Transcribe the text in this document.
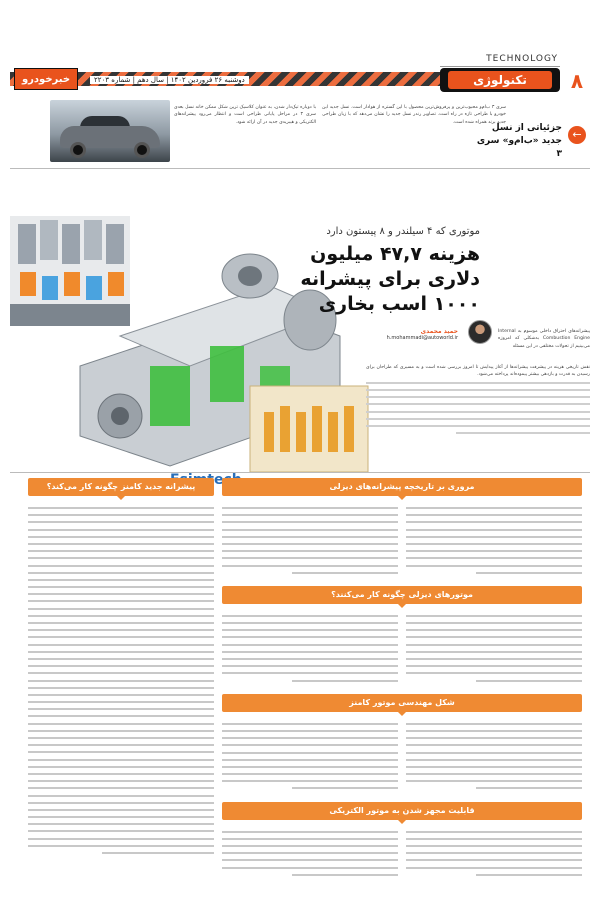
TECHNOLOGY
خبرخودرو	دوشنبه ۲۶ فروردین ۱۴۰۲ | سال دهم | شماره ۲۲۰۳	تکنولوژی	۸
با دوباره تیک‌دار شدن، به عنوان کلاسیک ترین شکل ممکن خانه نسل بعدی سری ۳ در مراحل پایانی طراحی است و انتظار می‌رود پیشرانه‌های الکتریکی و هیبریدی جدید در آن ارائه شود.
سری ۳ ب‌ام‌و محبوب‌ترین و پرفروش‌ترین محصول با این گستره از هوادار است. نسل جدید این خودرو با طراحی تازه در راه است. تصاویر رندر نسل جدید را نشان می‌دهد که با زبان طراحی جدید برند همراه شده است.
جزئیاتی از نسل جدید «ب‌ام‌و» سری ۳
←
موتوری که ۴ سیلندر و ۸ پیستون دارد
هزینه ۴۷,۷ میلیون دلاری برای پیشرانه ۱۰۰۰ اسب بخاری
حمید محمدی
h.mohammadi@autoworld.ir
پیشرانه‌های احتراق داخلی موسوم به Internal Combustion Engine به‌شکلی که امروزه می‌بینیم از تحولات مختلفی در این مسئله
نقش تاریخی هزینه در پیشرفت پیشرانه‌ها از آغاز پیدایش تا امروز بررسی شده است و به مسیری که طراحان برای رسیدن به قدرت و بازدهی بیشتر پیموده‌اند پرداخته می‌شود.
پیشرانه جدید کامنز چگونه کار می‌کند؟	مروری بر تاریخچه پیشرانه‌های دیزلی
موتورهای دیزلی چگونه کار می‌کنند؟
شکل مهندسی موتور کامنز
قابلیت مجهز شدن به موتور الکتریکی
